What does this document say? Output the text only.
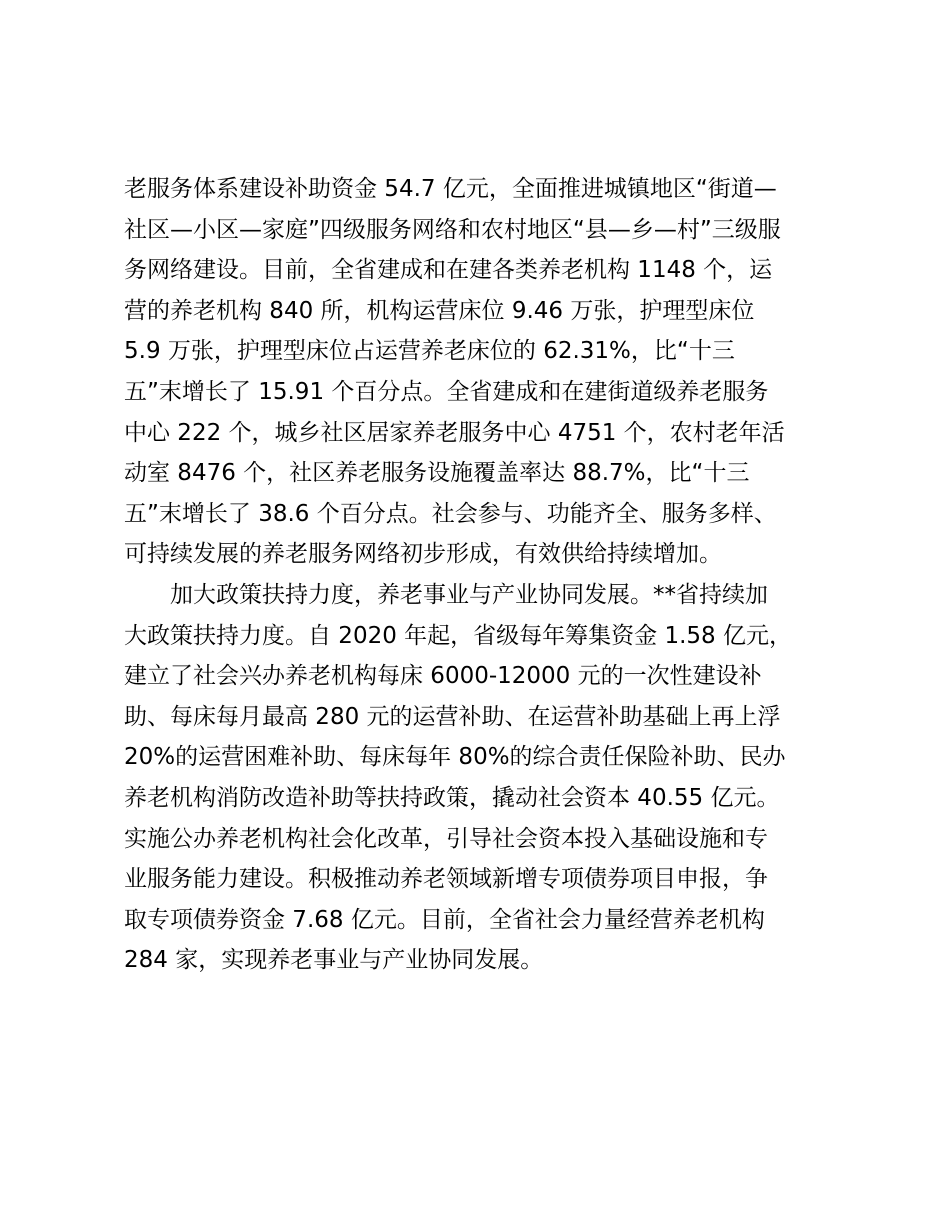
老服务体系建设补助资金 54.7 亿元，全面推进城镇地区“街道—
社区—小区—家庭”四级服务网络和农村地区“县—乡—村”三级服
务网络建设。目前，全省建成和在建各类养老机构 1148 个，运
营的养老机构 840 所，机构运营床位 9.46 万张，护理型床位
5.9 万张，护理型床位占运营养老床位的 62.31%，比“十三
五”末增长了 15.91 个百分点。全省建成和在建街道级养老服务
中心 222 个，城乡社区居家养老服务中心 4751 个，农村老年活
动室 8476 个，社区养老服务设施覆盖率达 88.7%，比“十三
五”末增长了 38.6 个百分点。社会参与、功能齐全、服务多样、
可持续发展的养老服务网络初步形成，有效供给持续增加。
加大政策扶持力度，养老事业与产业协同发展。**省持续加
大政策扶持力度。自 2020 年起，省级每年筹集资金 1.58 亿元，
建立了社会兴办养老机构每床 6000-12000 元的一次性建设补
助、每床每月最高 280 元的运营补助、在运营补助基础上再上浮
20%的运营困难补助、每床每年 80%的综合责任保险补助、民办
养老机构消防改造补助等扶持政策，撬动社会资本 40.55 亿元。
实施公办养老机构社会化改革，引导社会资本投入基础设施和专
业服务能力建设。积极推动养老领域新增专项债券项目申报，争
取专项债券资金 7.68 亿元。目前，全省社会力量经营养老机构
284 家，实现养老事业与产业协同发展。
